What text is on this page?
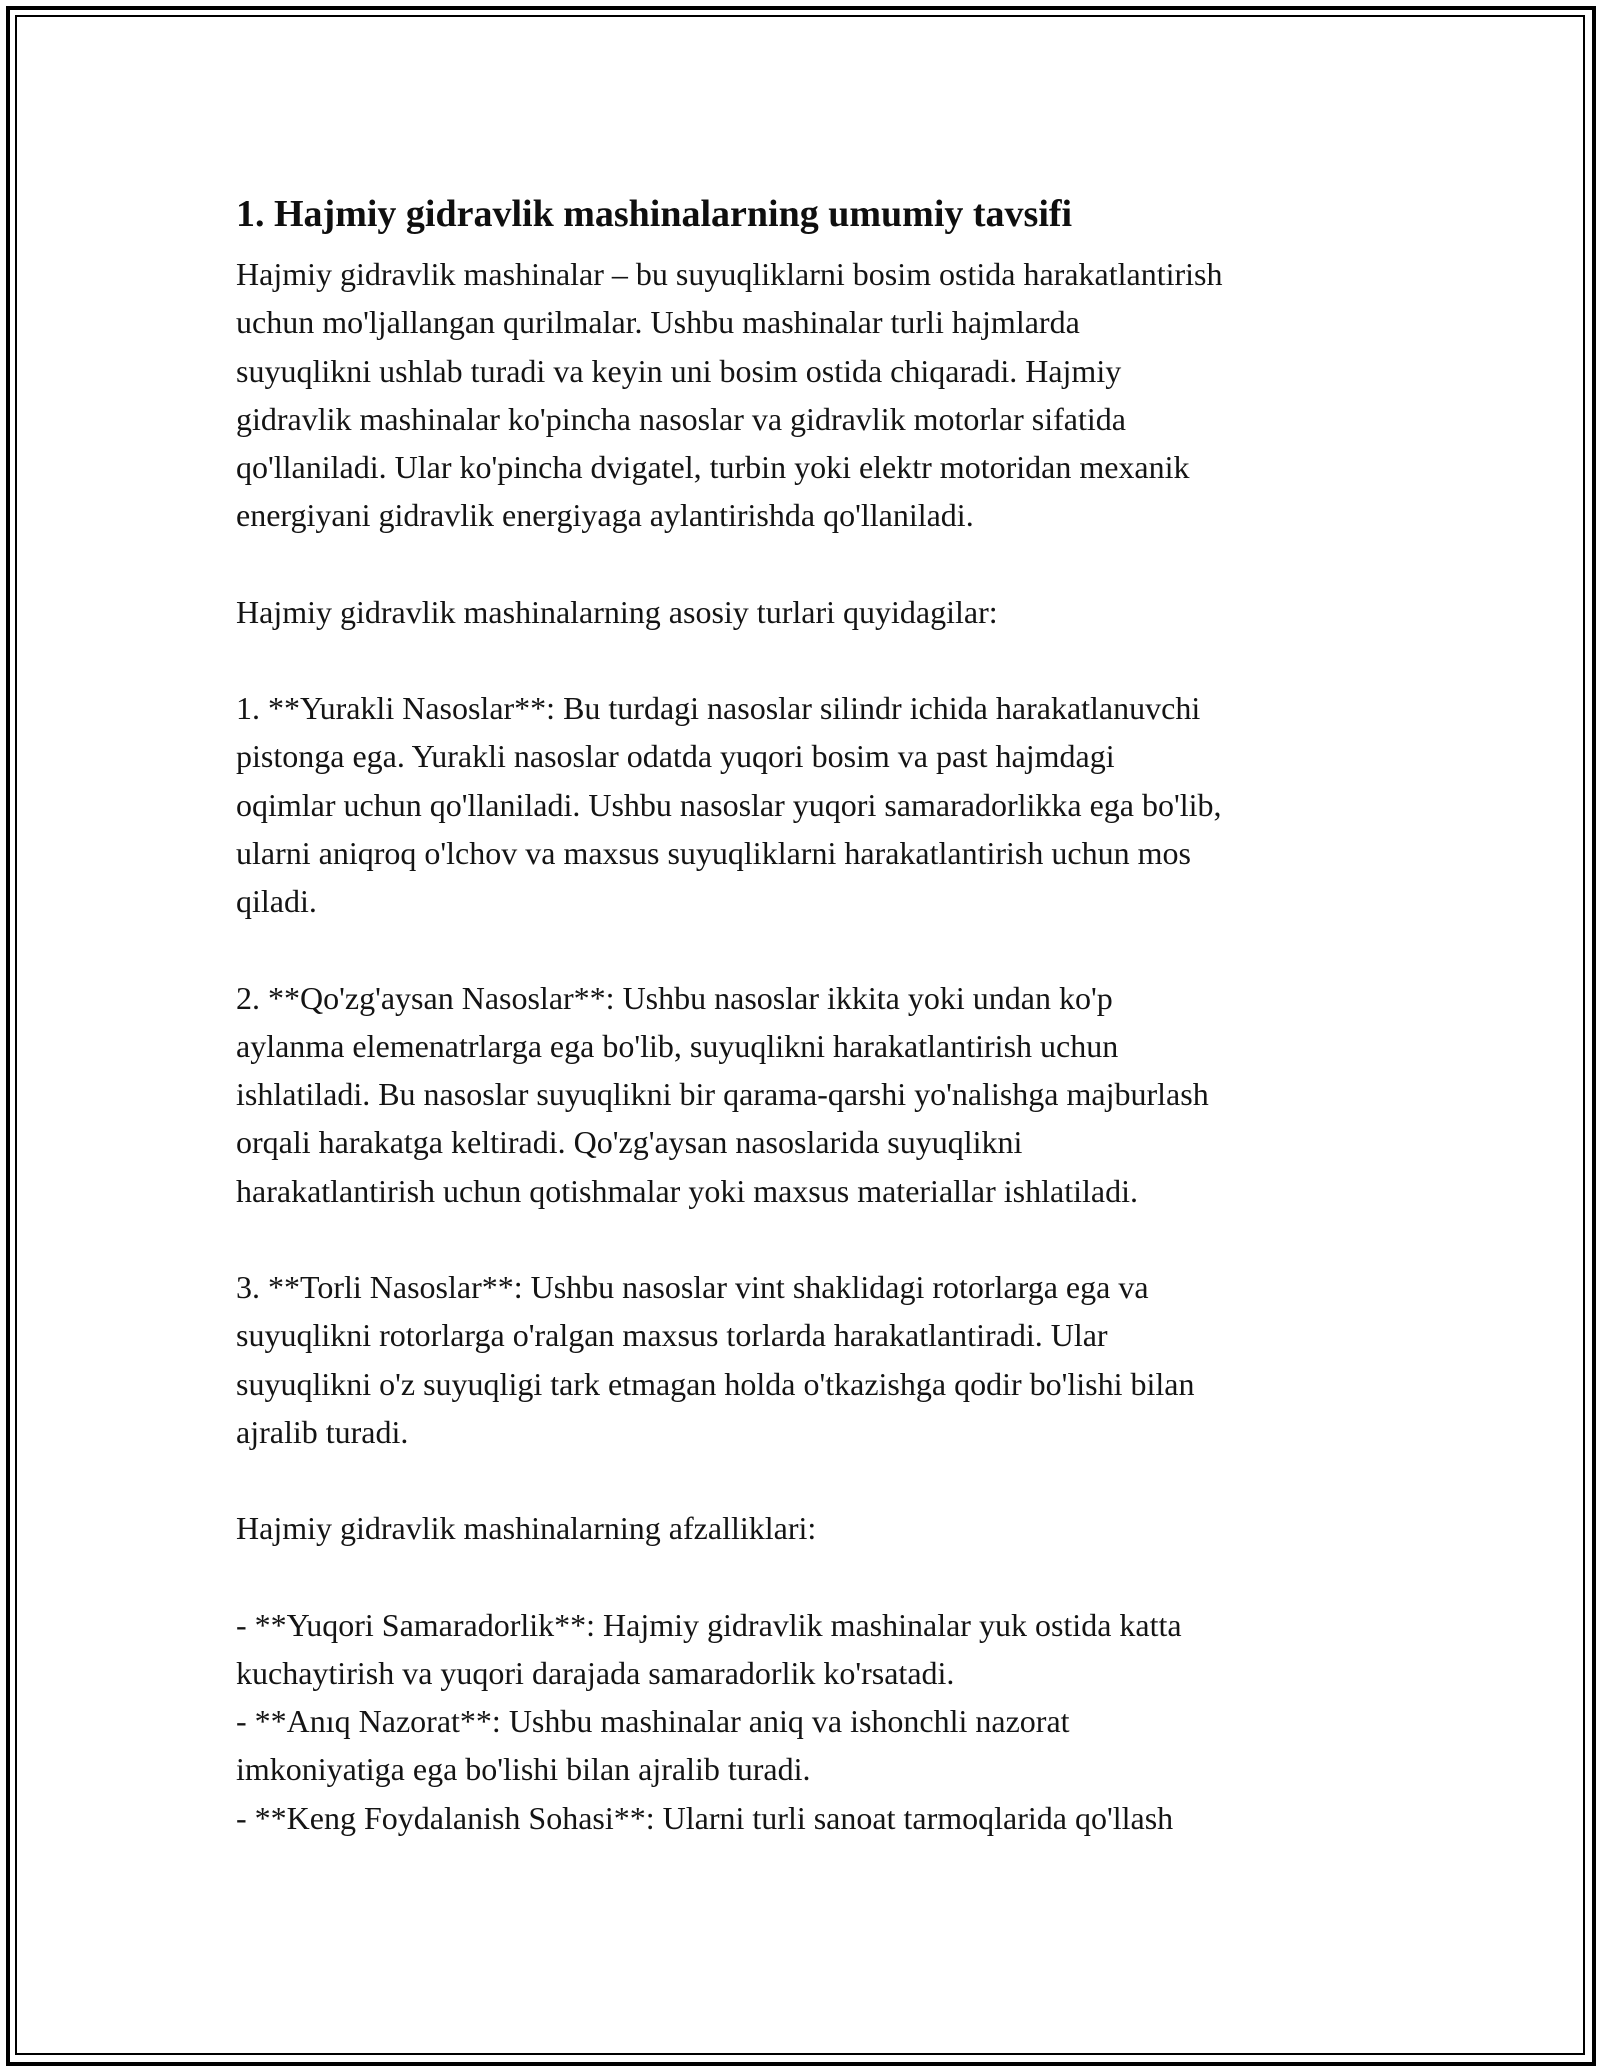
1. Hajmiy gidravlik mashinalarning umumiy tavsifi

Hajmiy gidravlik mashinalar – bu suyuqliklarni bosim ostida harakatlantirish
uchun mo'ljallangan qurilmalar. Ushbu mashinalar turli hajmlarda
suyuqlikni ushlab turadi va keyin uni bosim ostida chiqaradi. Hajmiy
gidravlik mashinalar ko'pincha nasoslar va gidravlik motorlar sifatida
qo'llaniladi. Ular ko'pincha dvigatel, turbin yoki elektr motoridan mexanik
energiyani gidravlik energiyaga aylantirishda qo'llaniladi.

Hajmiy gidravlik mashinalarning asosiy turlari quyidagilar:

1. **Yurakli Nasoslar**: Bu turdagi nasoslar silindr ichida harakatlanuvchi
pistonga ega. Yurakli nasoslar odatda yuqori bosim va past hajmdagi
oqimlar uchun qo'llaniladi. Ushbu nasoslar yuqori samaradorlikka ega bo'lib,
ularni aniqroq o'lchov va maxsus suyuqliklarni harakatlantirish uchun mos
qiladi.

2. **Qo'zg'aysan Nasoslar**: Ushbu nasoslar ikkita yoki undan ko'p
aylanma elemenatrlarga ega bo'lib, suyuqlikni harakatlantirish uchun
ishlatiladi. Bu nasoslar suyuqlikni bir qarama-qarshi yo'nalishga majburlash
orqali harakatga keltiradi. Qo'zg'aysan nasoslarida suyuqlikni
harakatlantirish uchun qotishmalar yoki maxsus materiallar ishlatiladi.

3. **Torli Nasoslar**: Ushbu nasoslar vint shaklidagi rotorlarga ega va
suyuqlikni rotorlarga o'ralgan maxsus torlarda harakatlantiradi. Ular
suyuqlikni o'z suyuqligi tark etmagan holda o'tkazishga qodir bo'lishi bilan
ajralib turadi.

Hajmiy gidravlik mashinalarning afzalliklari:

- **Yuqori Samaradorlik**: Hajmiy gidravlik mashinalar yuk ostida katta
kuchaytirish va yuqori darajada samaradorlik ko'rsatadi.
- **Anıq Nazorat**: Ushbu mashinalar aniq va ishonchli nazorat
imkoniyatiga ega bo'lishi bilan ajralib turadi.
- **Keng Foydalanish Sohasi**: Ularni turli sanoat tarmoqlarida qo'llash
